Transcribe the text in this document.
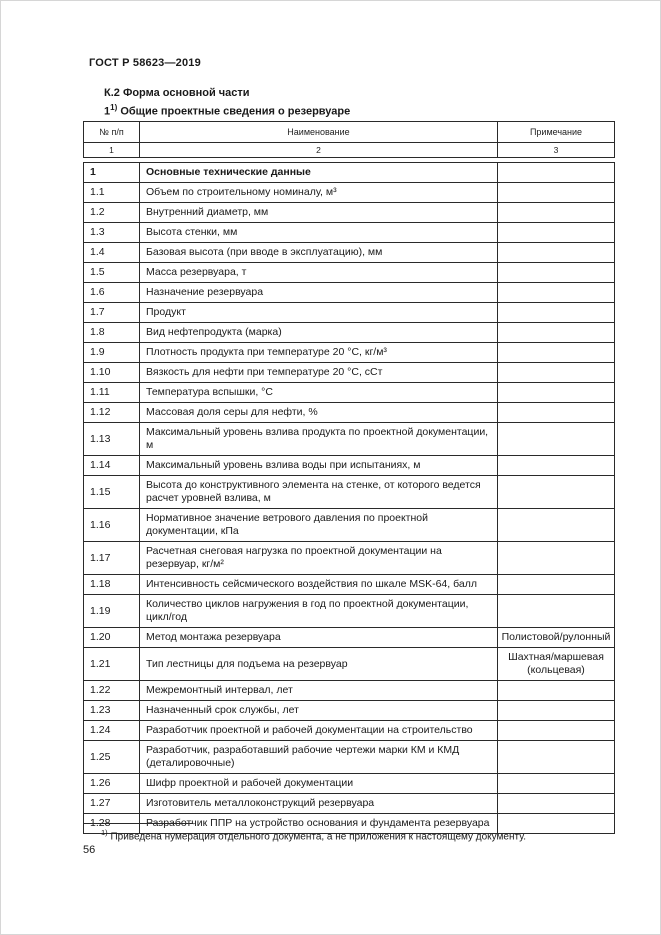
ГОСТ Р 58623—2019
К.2 Форма основной части
1$^{1)}$ Общие проектные сведения о резервуаре
№ п/п	Наименование	Примечание
1	2	3
1	Основные технические данные	
1.1	Объем по строительному номиналу, м³	
1.2	Внутренний диаметр, мм	
1.3	Высота стенки, мм	
1.4	Базовая высота (при вводе в эксплуатацию), мм	
1.5	Масса резервуара, т	
1.6	Назначение резервуара	
1.7	Продукт	
1.8	Вид нефтепродукта (марка)	
1.9	Плотность продукта при температуре 20 °С, кг/м³	
1.10	Вязкость для нефти при температуре 20 °С, сСт	
1.11	Температура вспышки, °С	
1.12	Массовая доля серы для нефти, %	
1.13	Максимальный уровень взлива продукта по проектной документации, м	
1.14	Максимальный уровень взлива воды при испытаниях, м	
1.15	Высота до конструктивного элемента на стенке, от которого ведется расчет уровней взлива, м	
1.16	Нормативное значение ветрового давления по проектной документации, кПа	
1.17	Расчетная снеговая нагрузка по проектной документации на резервуар, кг/м²	
1.18	Интенсивность сейсмического воздействия по шкале MSK-64, балл	
1.19	Количество циклов нагружения в год по проектной документации, цикл/год	
1.20	Метод монтажа резервуара	Полистовой/рулонный
1.21	Тип лестницы для подъема на резервуар	Шахтная/маршевая (кольцевая)
1.22	Межремонтный интервал, лет	
1.23	Назначенный срок службы, лет	
1.24	Разработчик проектной и рабочей документации на строительство	
1.25	Разработчик, разработавший рабочие чертежи марки КМ и КМД (деталировочные)	
1.26	Шифр проектной и рабочей документации	
1.27	Изготовитель металлоконструкций резервуара	
1.28	Разработчик ППР на устройство основания и фундамента резервуара	
$^{1)}$ Приведена нумерация отдельного документа, а не приложения к настоящему документу.
56
